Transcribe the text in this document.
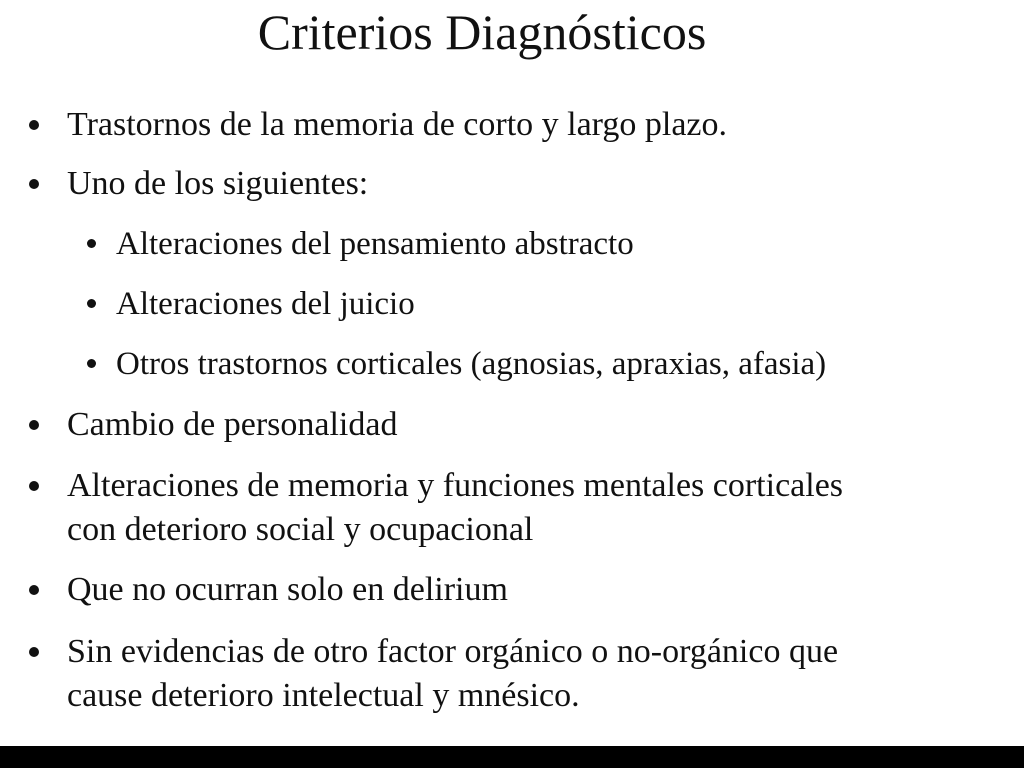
Criterios Diagnósticos
Trastornos de la memoria de corto y largo plazo.
Uno de los siguientes:
Alteraciones del pensamiento abstracto
Alteraciones del juicio
Otros trastornos corticales (agnosias, apraxias, afasia)
Cambio de personalidad
Alteraciones de memoria y funciones mentales corticales
con deterioro social y ocupacional
Que no ocurran solo en delirium
Sin evidencias de otro factor orgánico o no-orgánico que
cause deterioro intelectual y mnésico.
